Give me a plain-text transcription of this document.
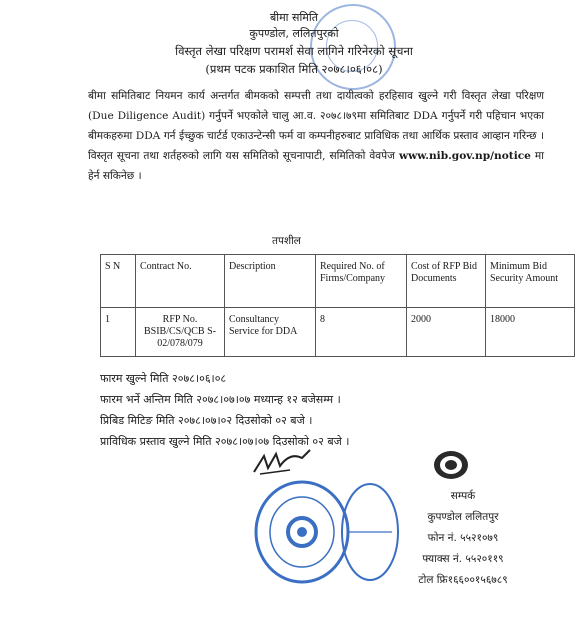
बीमा समिति
कुपण्डोल, ललितपुरको
विस्तृत लेखा परिक्षण परामर्श सेवा लागिने गरिनेरको सूचना
(प्रथम पटक प्रकाशित मिति २०७८।०६।०८)
बीमा समितिबाट नियमन कार्य अन्तर्गत बीमकको सम्पत्ती तथा दायीत्वको हरहिसाव खुल्ने गरी विस्तृत लेखा परिक्षण (Due Diligence Audit) गर्नुपर्ने भएकोले चालु आ.व. २०७८।७९मा समितिबाट DDA गर्नुपर्ने गरी पहिचान भएका बीमकहरुमा DDA गर्न ईच्छुक चार्टर्ड एकाउन्टेन्सी फर्म वा कम्पनीहरुबाट प्राविधिक तथा आर्थिक प्रस्ताव आव्हान गरिन्छ । विस्तृत सूचना तथा शर्तहरुको लागि यस समितिको सूचनापाटी, समितिको वेवपेज www.nib.gov.np/notice मा हेर्न सकिनेछ ।
तपशील
S N	Contract No.	Description	Required No. of Firms/Company	Cost of RFP Bid Documents	Minimum Bid Security Amount
1	RFP No. BSIB/CS/QCB S-02/078/079	Consultancy Service for DDA	8	2000	18000
फारम खुल्ने मिति २०७८।०६।०८
फारम भर्ने अन्तिम मिति २०७८।०७।०७ मध्यान्ह १२ बजेसम्म ।
प्रिबिड मिटिङ मिति २०७८।०७।०२ दिउसोको ०२ बजे ।
प्राविधिक प्रस्ताव खुल्ने मिति २०७८।०७।०७ दिउसोको ०२ बजे ।
सम्पर्क
कुपण्डोल ललितपुर
फोन नं. ५५२१०७९
फ्याक्स नं. ५५२०११९
टोल फ्रि१६६००१५६७८९
